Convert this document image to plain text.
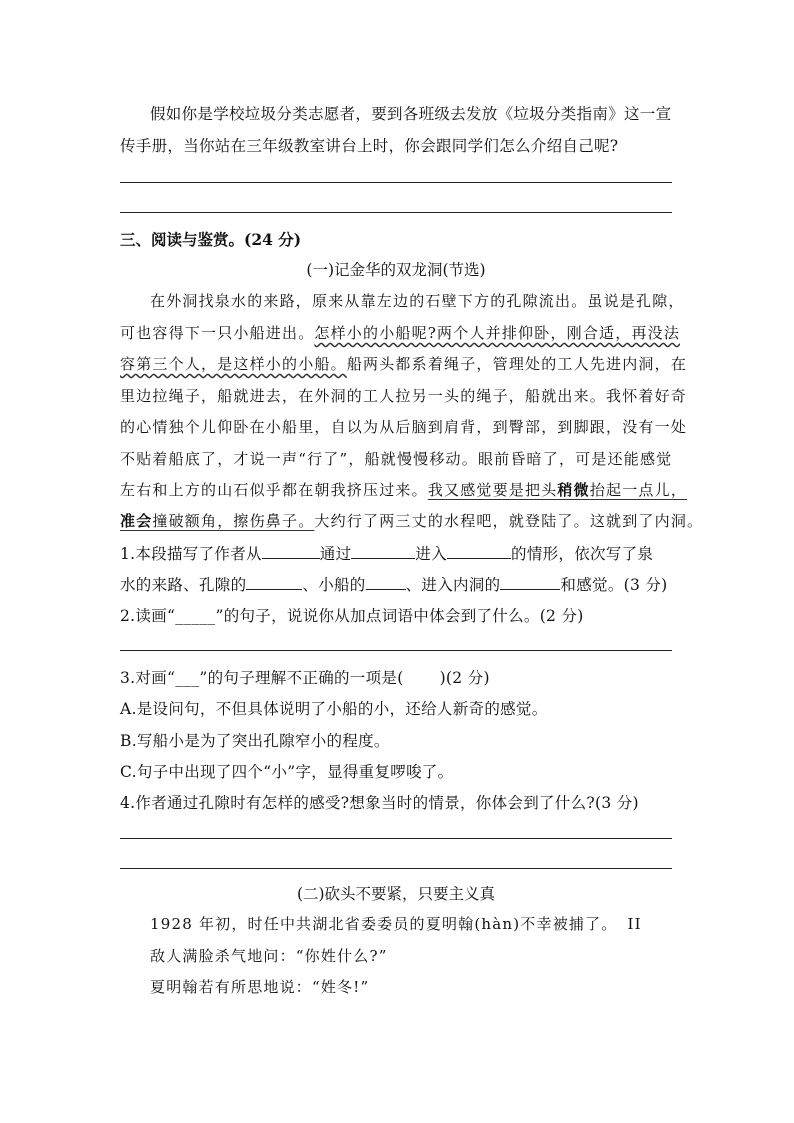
假如你是学校垃圾分类志愿者，要到各班级去发放《垃圾分类指南》这一宣
传手册，当你站在三年级教室讲台上时，你会跟同学们怎么介绍自己呢?
三、阅读与鉴赏。(24 分)
(一)记金华的双龙洞(节选)
在外洞找泉水的来路，原来从靠左边的石壁下方的孔隙流出。虽说是孔隙，
可也容得下一只小船进出。怎样小的小船呢?两个人并排仰卧，刚合适，再没法
容第三个人，是这样小的小船。船两头都系着绳子，管理处的工人先进内洞，在
里边拉绳子，船就进去，在外洞的工人拉另一头的绳子，船就出来。我怀着好奇
的心情独个儿仰卧在小船里，自以为从后脑到肩背，到臀部，到脚跟，没有一处
不贴着船底了，才说一声“行了”，船就慢慢移动。眼前昏暗了，可是还能感觉
左右和上方的山石似乎都在朝我挤压过来。我又感觉要是把头稍微抬起一点儿，
准会撞破额角，擦伤鼻子。大约行了两三丈的水程吧，就登陆了。这就到了内洞。
1.本段描写了作者从	通过	进入	的情形，依次写了泉
水的来路、孔隙的	、小船的	、进入内洞的	和感觉。(3 分)
2.读画“_____”的句子，说说你从加点词语中体会到了什么。(2 分)
3.对画“___”的句子理解不正确的一项是( )(2 分)
A.是设问句，不但具体说明了小船的小，还给人新奇的感觉。
B.写船小是为了突出孔隙窄小的程度。
C.句子中出现了四个“小”字，显得重复啰唆了。
4.作者通过孔隙时有怎样的感受?想象当时的情景，你体会到了什么?(3 分)
(二)砍头不要紧，只要主义真
1928 年初，时任中共湖北省委委员的夏明翰(hàn)不幸被捕了。 II
敌人满脸杀气地问：“你姓什么?”
夏明翰若有所思地说：“姓冬!”
